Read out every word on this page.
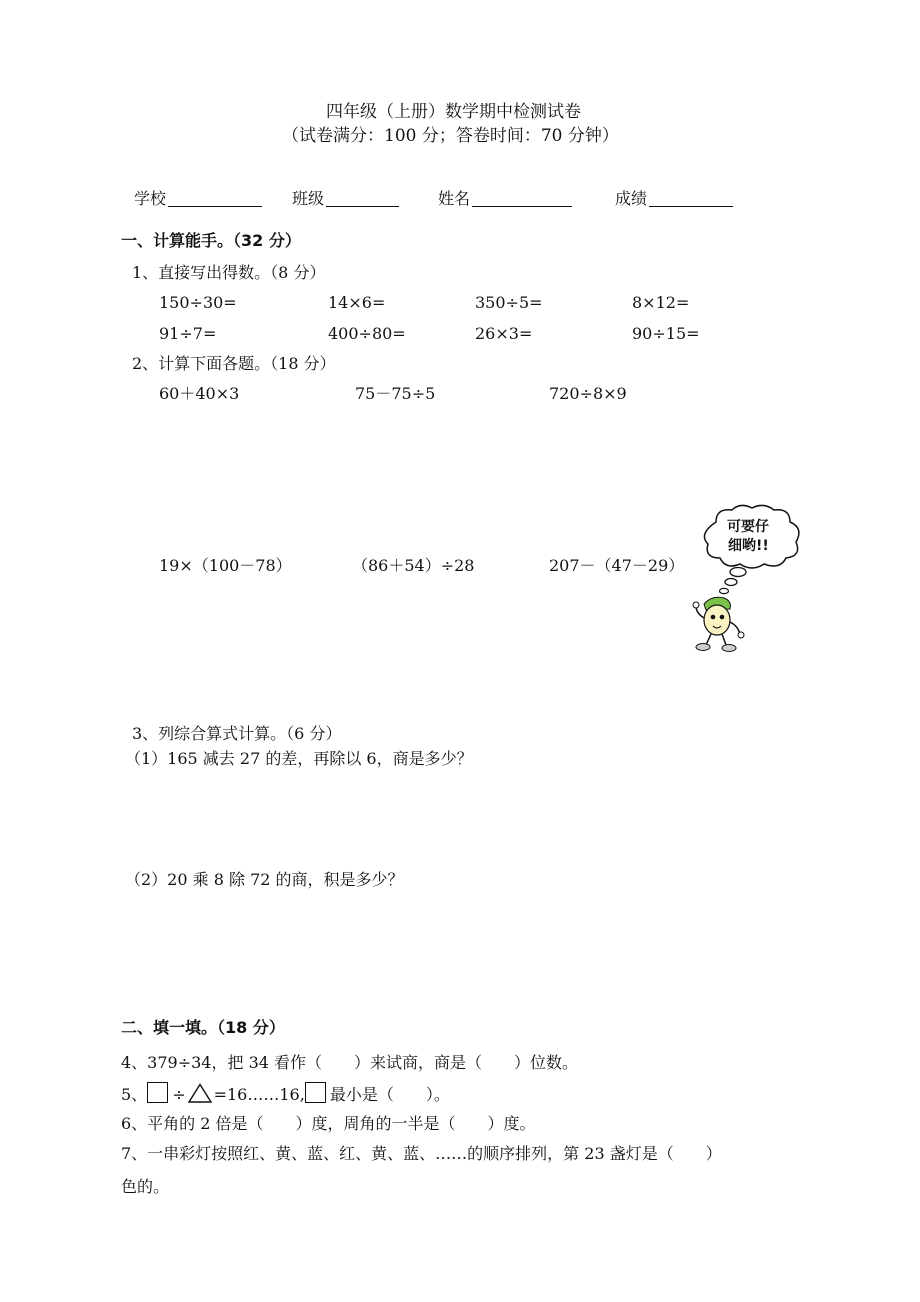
四年级（上册）数学期中检测试卷
（试卷满分：100 分；答卷时间：70 分钟）
学校	班级	姓名	成绩
一、计算能手。（32 分）
1、直接写出得数。（8 分）
150÷30=	14×6=	350÷5=	8×12=
91÷7=	400÷80=	26×3=	90÷15=
2、计算下面各题。（18 分）
60＋40×3	75－75÷5	720÷8×9
19×（100－78）	（86＋54）÷28	207－（47－29）
可要仔
细哟!!
3、列综合算式计算。（6 分）
（1）165 减去 27 的差，再除以 6，商是多少？
（2）20 乘 8 除 72 的商，积是多少？
二、填一填。（18 分）
4、379÷34，把 34 看作（　　）来试商，商是（　　）位数。
5、 ÷ =16……16, 最小是（　　）。
6、平角的 2 倍是（　　）度，周角的一半是（　　）度。
7、一串彩灯按照红、黄、蓝、红、黄、蓝、……的顺序排列，第 23 盏灯是（　　）
色的。
